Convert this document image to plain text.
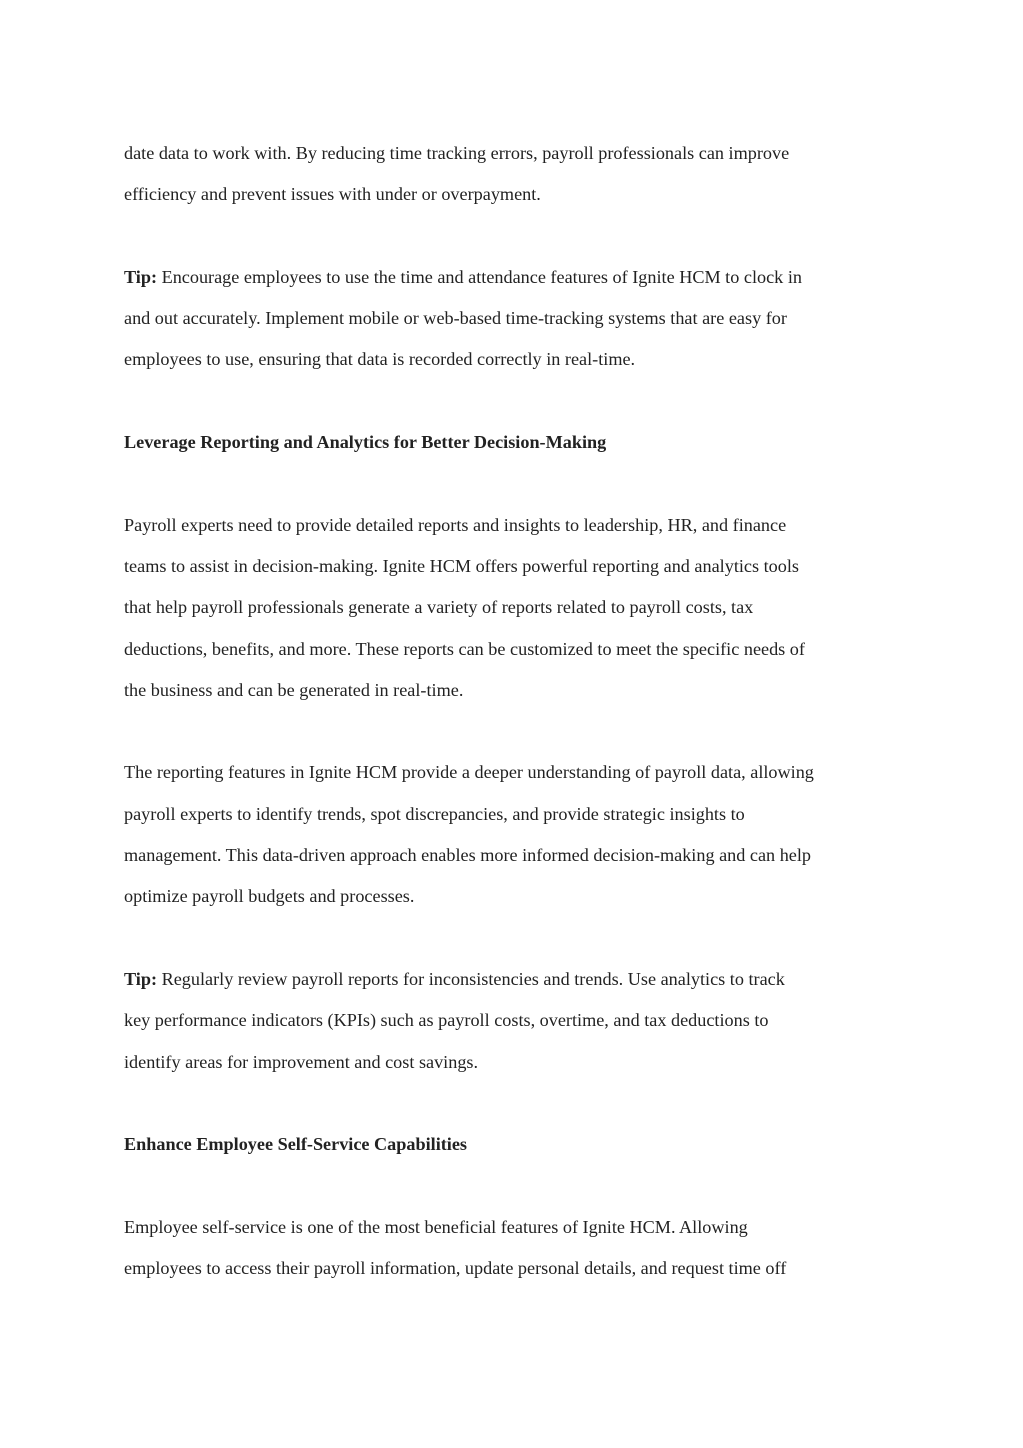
date data to work with. By reducing time tracking errors, payroll professionals can improve
efficiency and prevent issues with under or overpayment.

Tip: Encourage employees to use the time and attendance features of Ignite HCM to clock in
and out accurately. Implement mobile or web-based time-tracking systems that are easy for
employees to use, ensuring that data is recorded correctly in real-time.

Leverage Reporting and Analytics for Better Decision-Making

Payroll experts need to provide detailed reports and insights to leadership, HR, and finance
teams to assist in decision-making. Ignite HCM offers powerful reporting and analytics tools
that help payroll professionals generate a variety of reports related to payroll costs, tax
deductions, benefits, and more. These reports can be customized to meet the specific needs of
the business and can be generated in real-time.

The reporting features in Ignite HCM provide a deeper understanding of payroll data, allowing
payroll experts to identify trends, spot discrepancies, and provide strategic insights to
management. This data-driven approach enables more informed decision-making and can help
optimize payroll budgets and processes.

Tip: Regularly review payroll reports for inconsistencies and trends. Use analytics to track
key performance indicators (KPIs) such as payroll costs, overtime, and tax deductions to
identify areas for improvement and cost savings.

Enhance Employee Self-Service Capabilities

Employee self-service is one of the most beneficial features of Ignite HCM. Allowing
employees to access their payroll information, update personal details, and request time off
